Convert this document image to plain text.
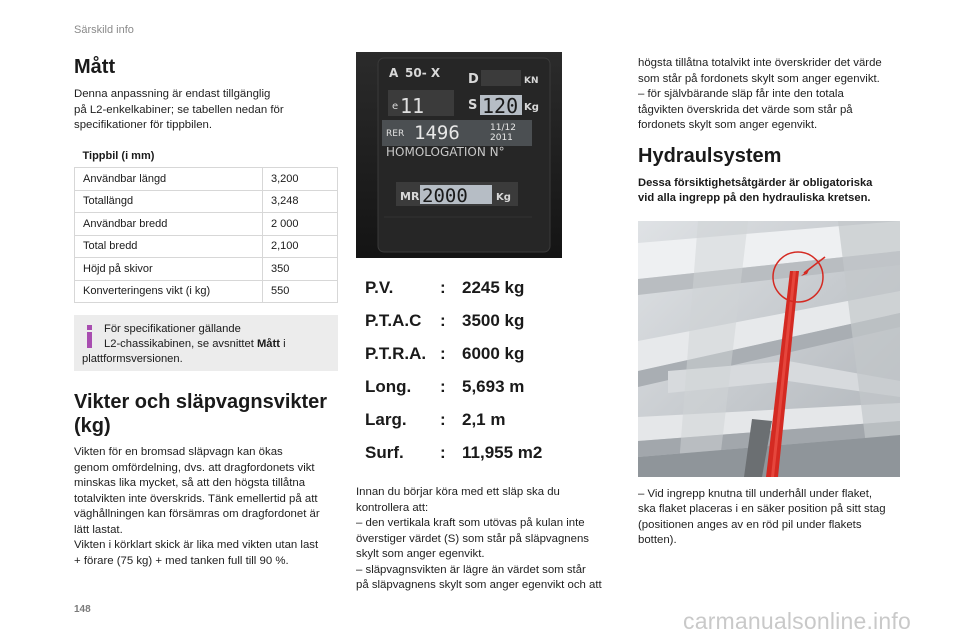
Särskild info
Mått
Denna anpassning är endast tillgänglig
på L2-enkelkabiner; se tabellen nedan för
specifikationer för tippbilen.
Tippbil (i mm)	
Användbar längd	3,200
Totallängd	3,248
Användbar bredd	2 000
Total bredd	2,100
Höjd på skivor	350
Konverteringens vikt (i kg)	550
För specifikationer gällande
L2-chassikabinen, se avsnittet Mått i
plattformsversionen.
Vikter och släpvagnsvikter
(kg)
Vikten för en bromsad släpvagn kan ökas
genom omfördelning, dvs. att dragfordonets vikt
minskas lika mycket, så att den högsta tillåtna
totalvikten inte överskrids. Tänk emellertid på att
väghållningen kan försämras om dragfordonet är
lätt lastat.
Vikten i körklart skick är lika med vikten utan last
+ förare (75 kg) + med tanken full till 90 %.
A 50- X D	KN
e 11	S 120 Kg
RER 1496	11/12
2011
HOMOLOGATION N°
MR 2000	Kg
P.V.	: 2245 kg
P.T.A.C	: 3500 kg
P.T.R.A. : 6000 kg
Long.	: 5,693 m
Larg.	: 2,1 m
Surf.	: 11,955 m2
Innan du börjar köra med ett släp ska du
kontrollera att:
– den vertikala kraft som utövas på kulan inte
överstiger värdet (S) som står på släpvagnens
skylt som anger egenvikt.
– släpvagnsvikten är lägre än värdet som står
på släpvagnens skylt som anger egenvikt och att
högsta tillåtna totalvikt inte överskrider det värde
som står på fordonets skylt som anger egenvikt.
– för självbärande släp får inte den totala
tågvikten överskrida det värde som står på
fordonets skylt som anger egenvikt.
Hydraulsystem
Dessa försiktighetsåtgärder är obligatoriska
vid alla ingrepp på den hydrauliska kretsen.
– Vid ingrepp knutna till underhåll under flaket,
ska flaket placeras i en säker position på sitt stag
(positionen anges av en röd pil under flakets
botten).
148	carmanualsonline.info
